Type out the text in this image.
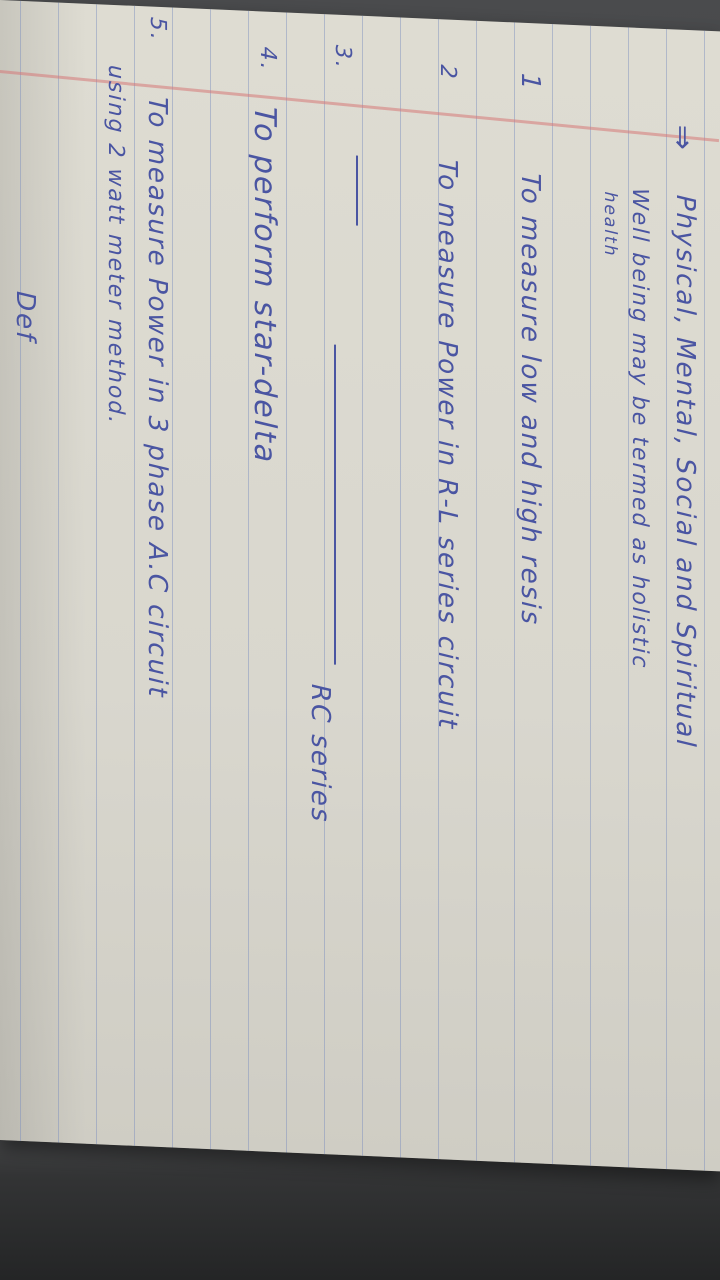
⇒
Physical, Mental, Social and Spiritual
Well being may be termed as holistic
health
1
To measure low and high resis
2
To measure Power in R-L series circuit
3.
RC series
4.
To perform star-delta
5.
To measure Power in 3 phase A.C circuit
using 2 watt meter method.
Def
